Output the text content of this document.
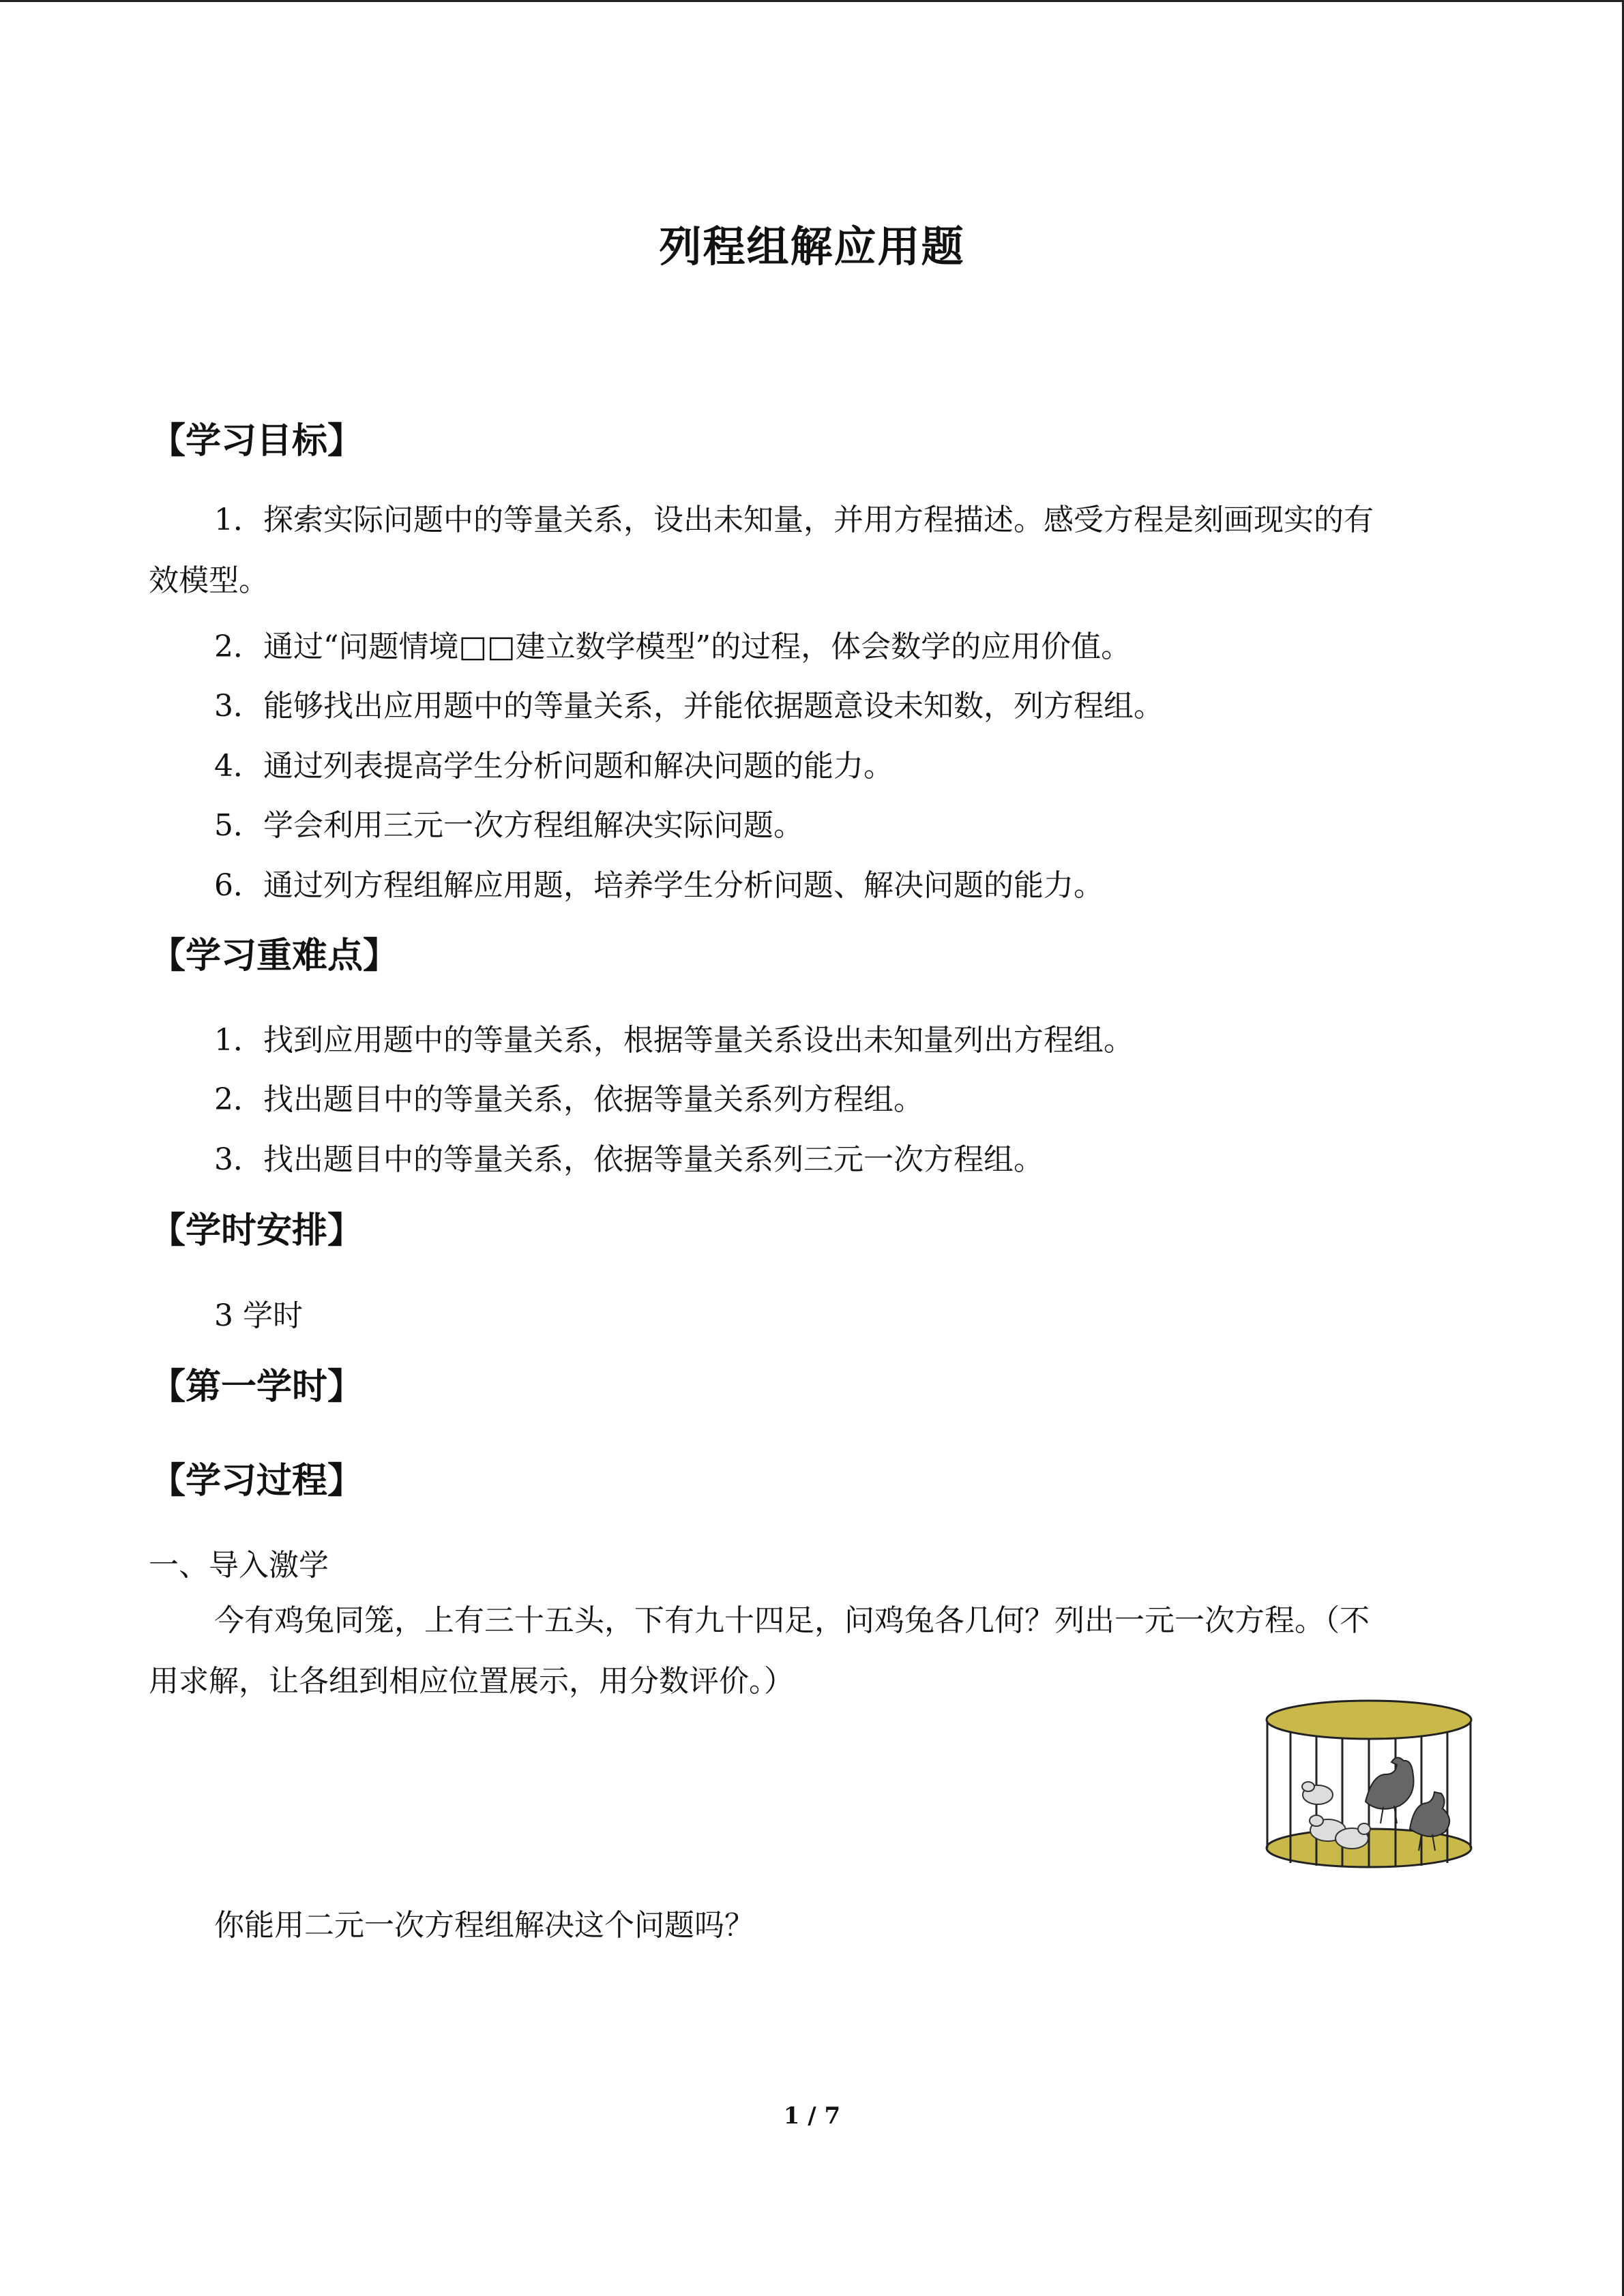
列程组解应用题
【学习目标】
1．探索实际问题中的等量关系，设出未知量，并用方程描述。感受方程是刻画现实的有
效模型。
2．通过“问题情境□□建立数学模型”的过程，体会数学的应用价值。
3．能够找出应用题中的等量关系，并能依据题意设未知数，列方程组。
4．通过列表提高学生分析问题和解决问题的能力。
5．学会利用三元一次方程组解决实际问题。
6．通过列方程组解应用题，培养学生分析问题、解决问题的能力。
【学习重难点】
1．找到应用题中的等量关系，根据等量关系设出未知量列出方程组。
2．找出题目中的等量关系，依据等量关系列方程组。
3．找出题目中的等量关系，依据等量关系列三元一次方程组。
【学时安排】
3 学时
【第一学时】
【学习过程】
一、导入激学
今有鸡兔同笼，上有三十五头，下有九十四足，问鸡兔各几何？列出一元一次方程。（不
用求解，让各组到相应位置展示，用分数评价。）
你能用二元一次方程组解决这个问题吗？
1 / 7
